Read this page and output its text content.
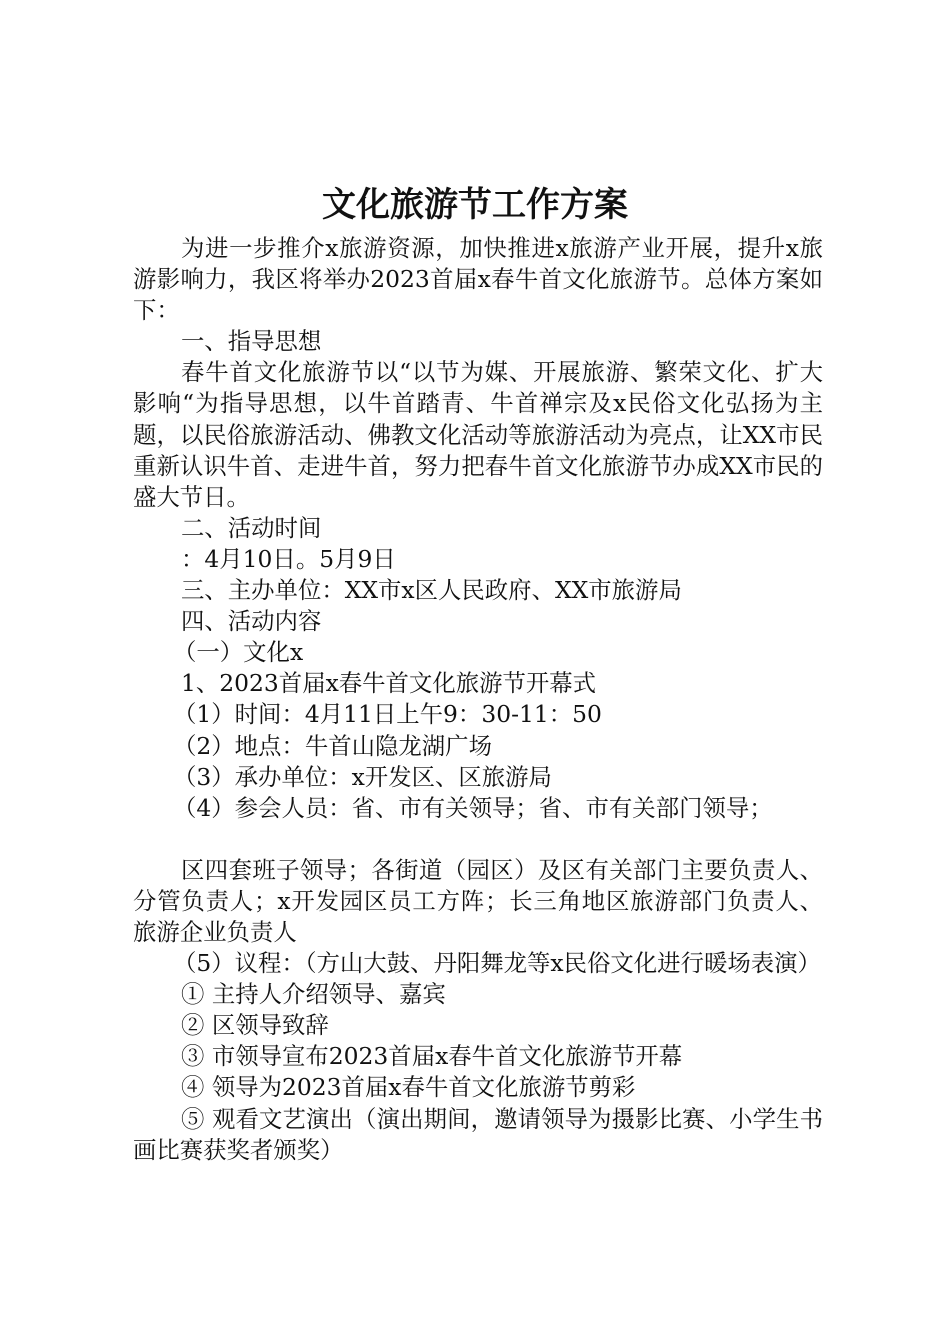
文化旅游节工作方案

为进一步推介x旅游资源，加快推进x旅游产业开展，提升x旅游影响力，我区将举办2023首届x春牛首文化旅游节。总体方案如下：

一、指导思想

春牛首文化旅游节以“以节为媒、开展旅游、繁荣文化、扩大影响“为指导思想，以牛首踏青、牛首禅宗及x民俗文化弘扬为主题，以民俗旅游活动、佛教文化活动等旅游活动为亮点，让XX市民重新认识牛首、走进牛首，努力把春牛首文化旅游节办成XX市民的盛大节日。

二、活动时间

：4月10日。5月9日

三、主办单位：XX市x区人民政府、XX市旅游局

四、活动内容

（一）文化x

1、2023首届x春牛首文化旅游节开幕式

（1）时间：4月11日上午9：30-11：50

（2）地点：牛首山隐龙湖广场

（3）承办单位：x开发区、区旅游局

（4）参会人员：省、市有关领导；省、市有关部门领导；

区四套班子领导；各街道（园区）及区有关部门主要负责人、分管负责人；x开发园区员工方阵；长三角地区旅游部门负责人、旅游企业负责人

（5）议程：（方山大鼓、丹阳舞龙等x民俗文化进行暖场表演）

① 主持人介绍领导、嘉宾

② 区领导致辞

③ 市领导宣布2023首届x春牛首文化旅游节开幕

④ 领导为2023首届x春牛首文化旅游节剪彩

⑤ 观看文艺演出（演出期间，邀请领导为摄影比赛、小学生书画比赛获奖者颁奖）
